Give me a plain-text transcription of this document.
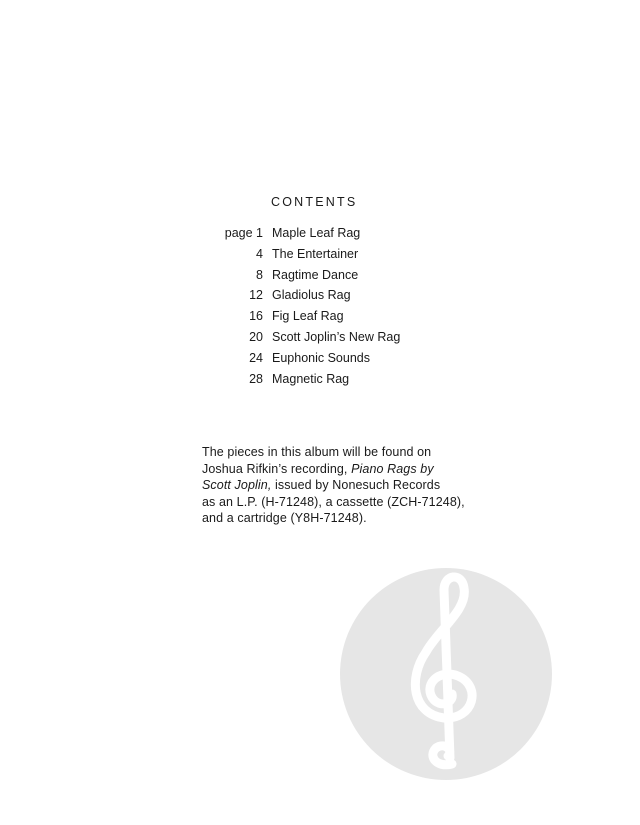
CONTENTS
page 1 Maple Leaf Rag
4 The Entertainer
8 Ragtime Dance
12 Gladiolus Rag
16 Fig Leaf Rag
20 Scott Joplin’s New Rag
24 Euphonic Sounds
28 Magnetic Rag

The pieces in this album will be found on

Joshua Rifkin’s recording, Piano Rags by

Scott Joplin, issued by Nonesuch Records

as an L.P. (H-71248), a cassette (ZCH-71248),

and a cartridge (Y8H-71248).
